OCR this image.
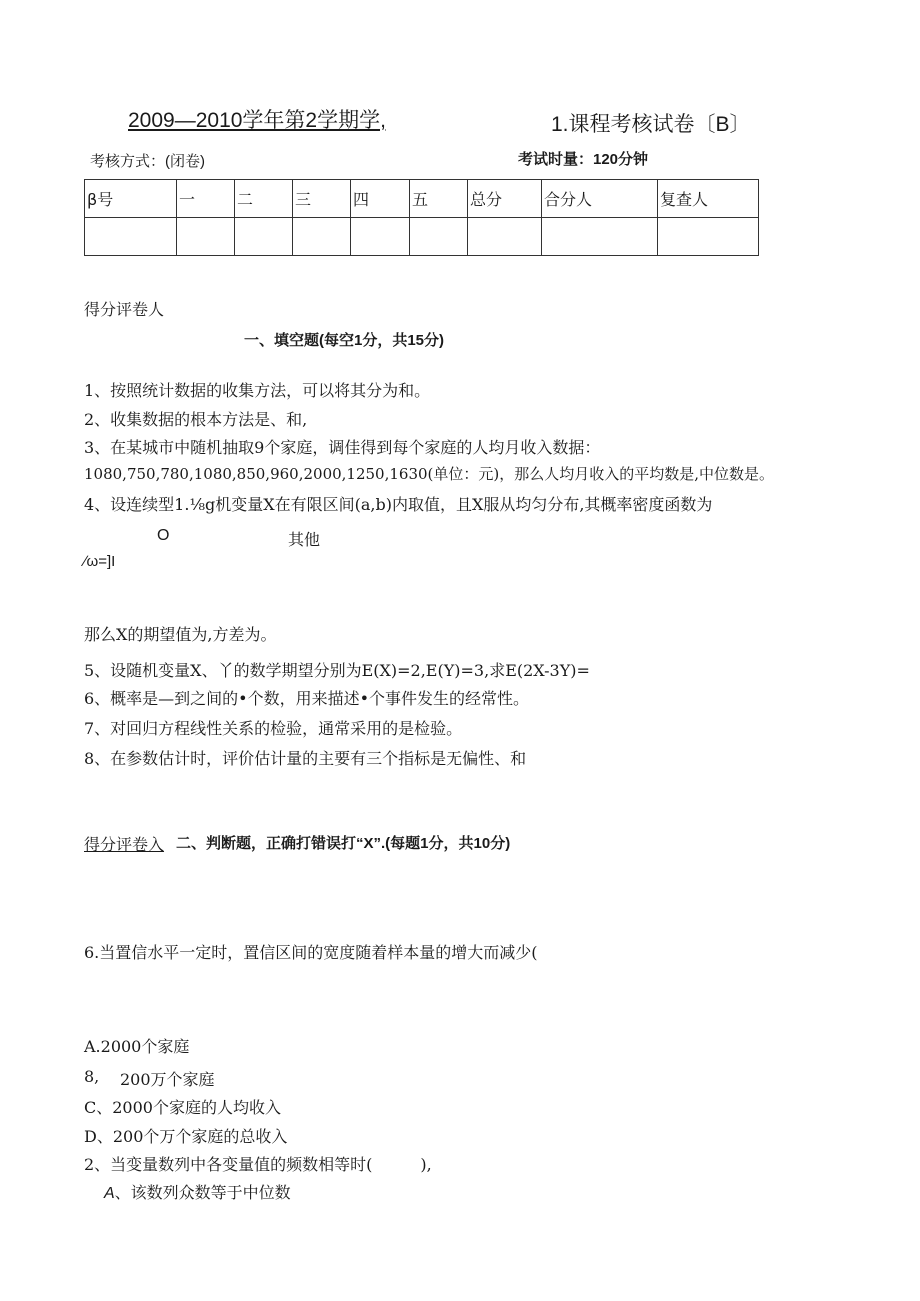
2009—2010学年第2学期学,	1.课程考核试卷〔B〕
考核方式：(闭卷)	考试时量：120分钟
β号	一	二	三	四	五	总分	合分人	复查人

得分评卷人
一、填空题(每空1分，共15分)
1、按照统计数据的收集方法，可以将其分为和。
2、收集数据的根本方法是、和,
3、在某城市中随机抽取9个家庭，调佳得到每个家庭的人均月收入数据：
1080,750,780,1080,850,960,2000,1250,1630(单位：元)，那么人均月收入的平均数是,中位数是。
4、设连续型1.⅛g机变量X在有限区间(a,b)内取值，且X服从均匀分布,其概率密度函数为
O	其他
∕ω=]I
那么X的期望值为,方差为。
5、设随机变量X、丫的数学期望分别为E(X)=2,E(Y)=3,求E(2X-3Y)=
6、概率是—到之间的•个数，用来描述•个事件发生的经常性。
7、对回归方程线性关系的检验，通常采用的是检验。
8、在参数估计时，评价估计量的主要有三个指标是无偏性、和
得分评卷入 二、判断题，正确打错误打“X”.(每题1分，共10分)
6.当置信水平一定时，置信区间的宽度随着样本量的增大而减少(
A.2000个家庭
8, 200万个家庭
C、2000个家庭的人均收入
D、200个万个家庭的总收入
2、当变量数列中各变量值的频数相等时(　　　),
A、该数列众数等于中位数
